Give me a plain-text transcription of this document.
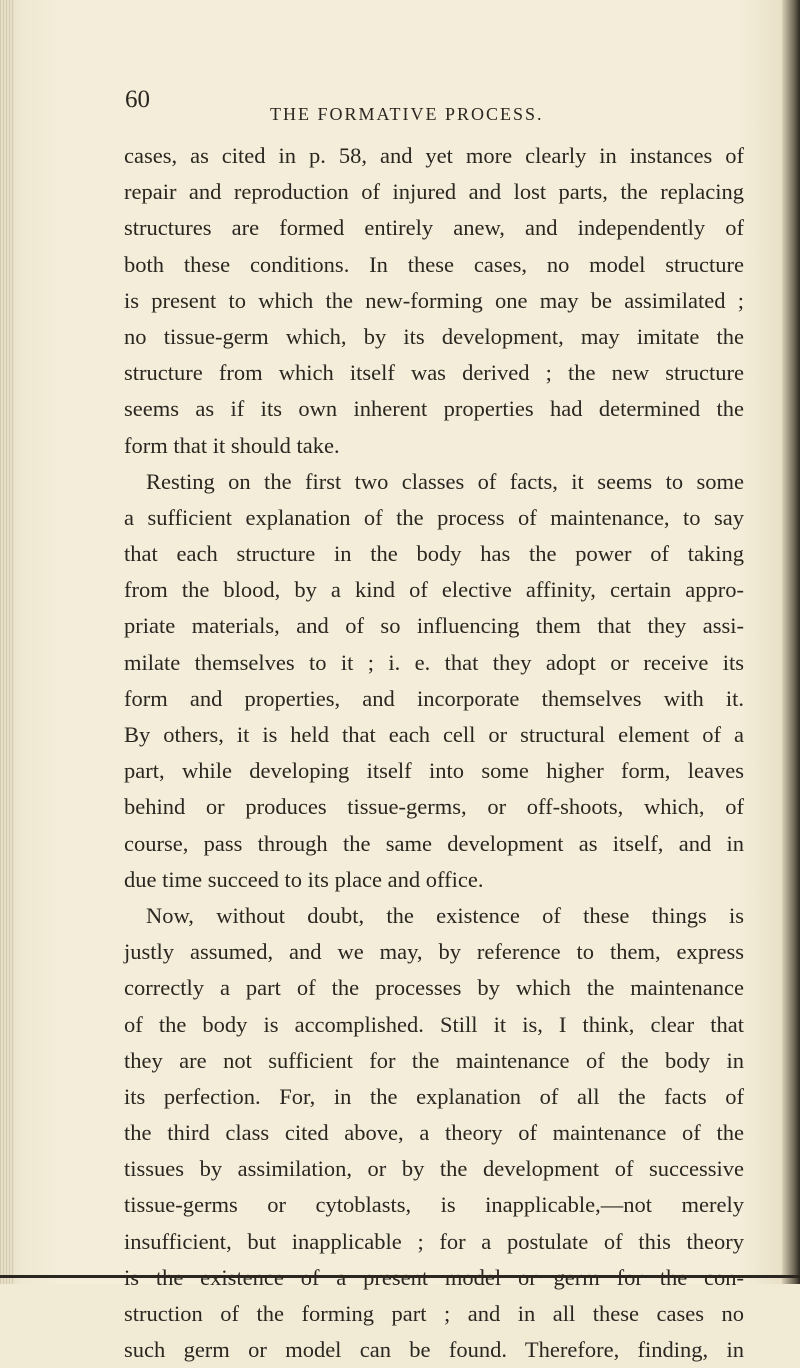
60
THE FORMATIVE PROCESS.
cases, as cited in p. 58, and yet more clearly in instances of
repair and reproduction of injured and lost parts, the replacing
structures are formed entirely anew, and independently of
both these conditions. In these cases, no model structure
is present to which the new-forming one may be assimilated ;
no tissue-germ which, by its development, may imitate the
structure from which itself was derived ; the new structure
seems as if its own inherent properties had determined the
form that it should take.
Resting on the first two classes of facts, it seems to some
a sufficient explanation of the process of maintenance, to say
that each structure in the body has the power of taking
from the blood, by a kind of elective affinity, certain appro-
priate materials, and of so influencing them that they assi-
milate themselves to it ; i. e. that they adopt or receive its
form and properties, and incorporate themselves with it.
By others, it is held that each cell or structural element of a
part, while developing itself into some higher form, leaves
behind or produces tissue-germs, or off-shoots, which, of
course, pass through the same development as itself, and in
due time succeed to its place and office.
Now, without doubt, the existence of these things is
justly assumed, and we may, by reference to them, express
correctly a part of the processes by which the maintenance
of the body is accomplished. Still it is, I think, clear that
they are not sufficient for the maintenance of the body in
its perfection. For, in the explanation of all the facts of
the third class cited above, a theory of maintenance of the
tissues by assimilation, or by the development of successive
tissue-germs or cytoblasts, is inapplicable,—not merely
insufficient, but inapplicable ; for a postulate of this theory
struction of the forming part ; and in all these cases no
such germ or model can be found. Therefore, finding, in
